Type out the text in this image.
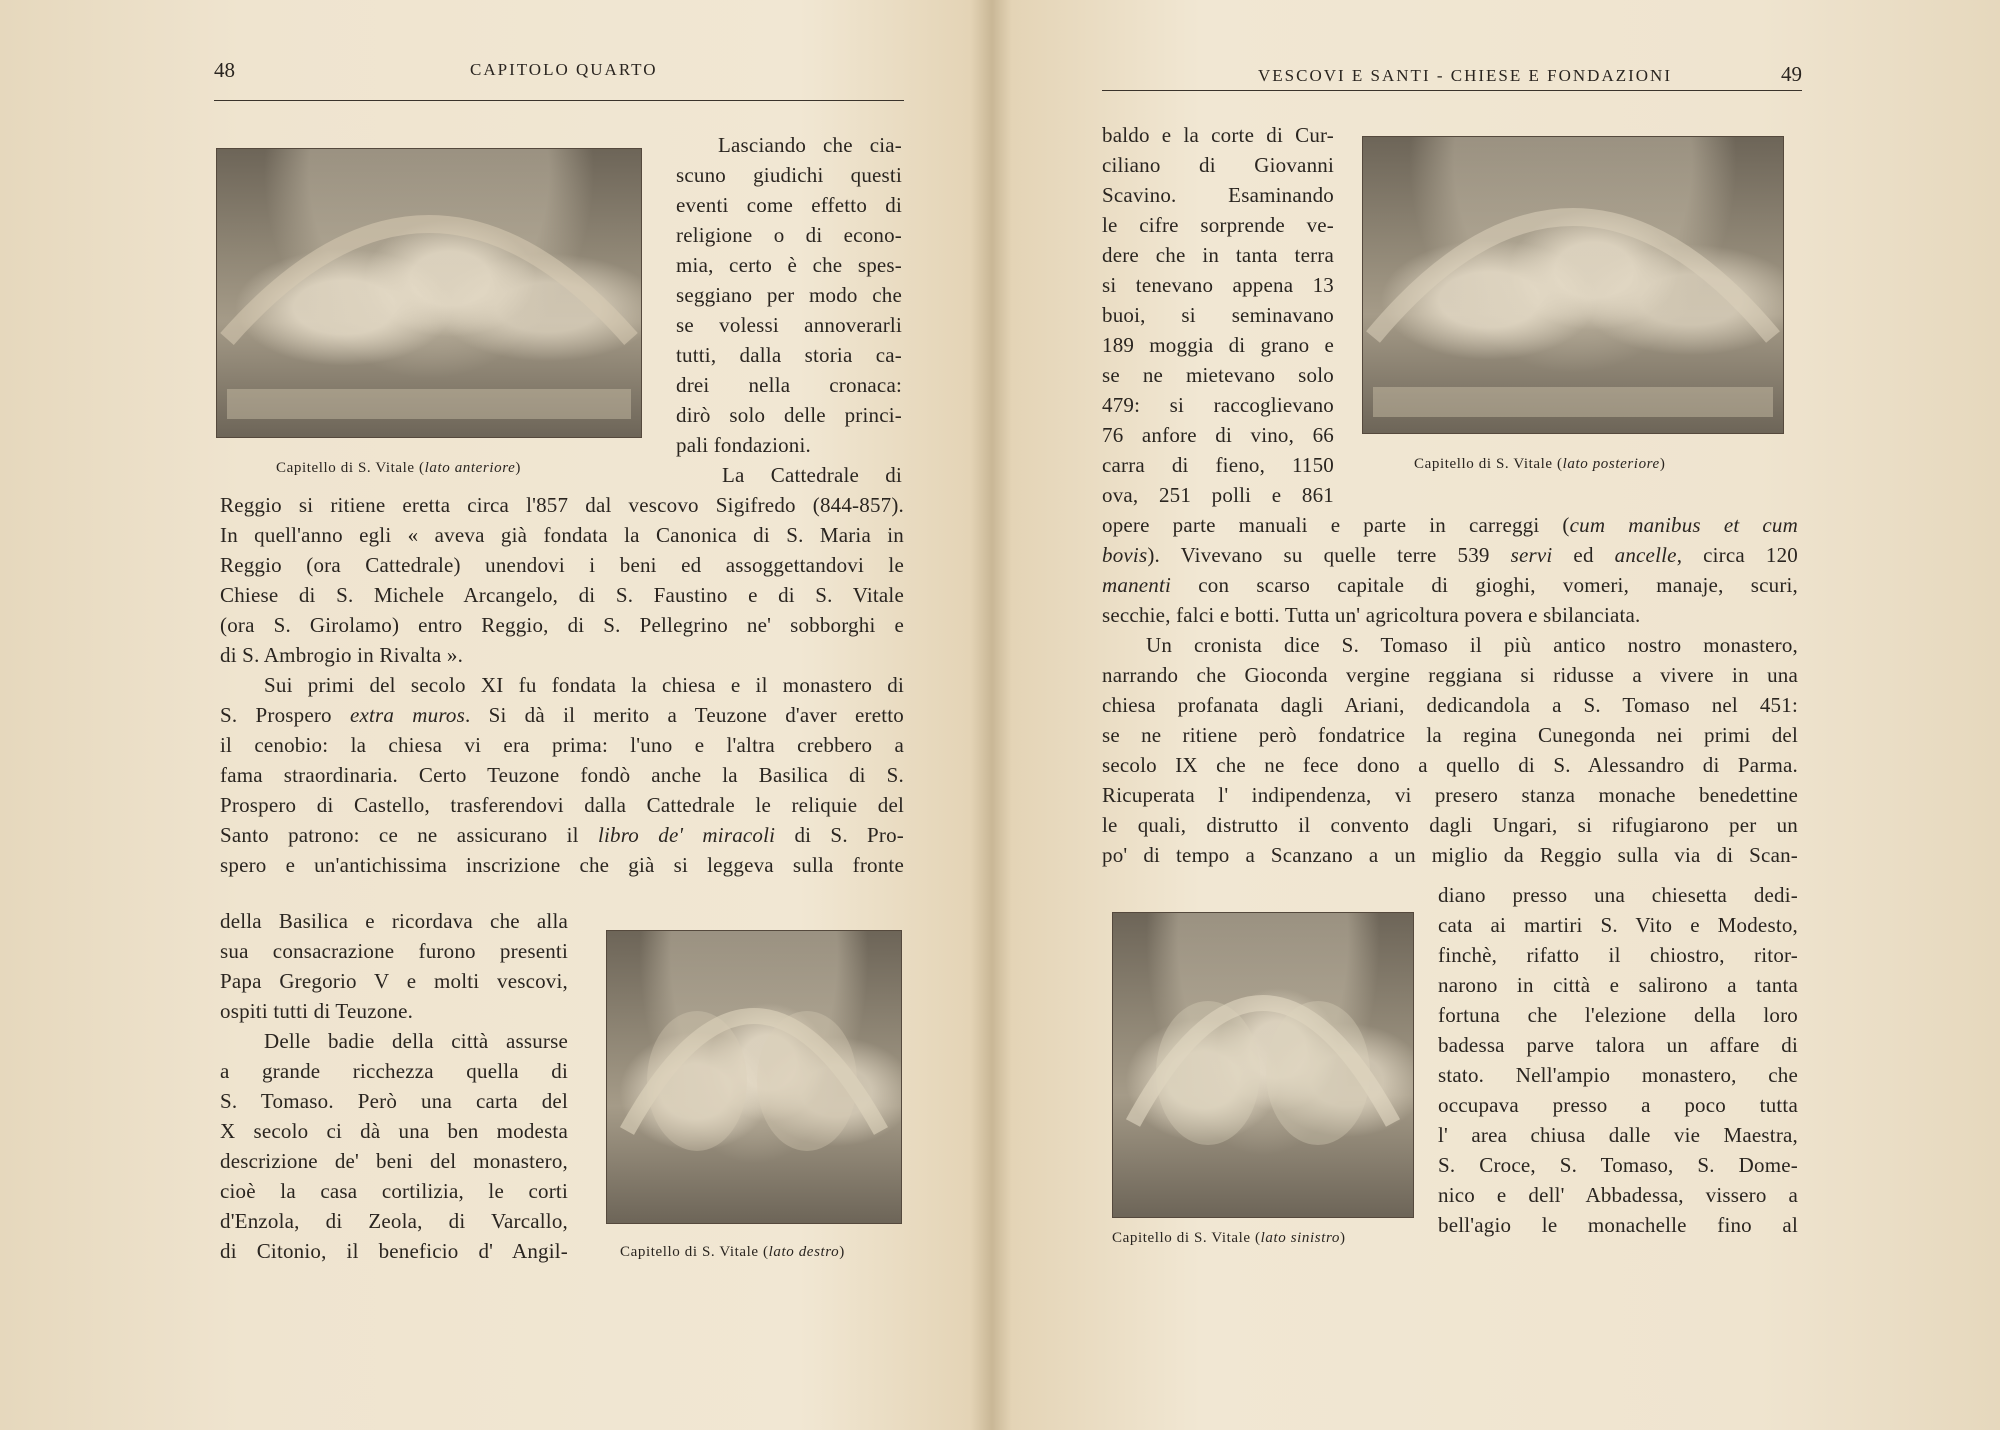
48	CAPITOLO QUARTO
Capitello di S. Vitale (lato anteriore)
Lasciando che cia-
scuno giudichi questi
eventi come effetto di
religione o di econo-
mia, certo è che spes-
seggiano per modo che
se volessi annoverarli
tutti, dalla storia ca-
drei nella cronaca:
dirò solo delle princi-
pali fondazioni.
La Cattedrale di
Reggio si ritiene eretta circa l'857 dal vescovo Sigifredo (844-857).
In quell'anno egli « aveva già fondata la Canonica di S. Maria in
Reggio (ora Cattedrale) unendovi i beni ed assoggettandovi le
Chiese di S. Michele Arcangelo, di S. Faustino e di S. Vitale
(ora S. Girolamo) entro Reggio, di S. Pellegrino ne' sobborghi e
di S. Ambrogio in Rivalta ».
Sui primi del secolo XI fu fondata la chiesa e il monastero di
S. Prospero extra muros. Si dà il merito a Teuzone d'aver eretto
il cenobio: la chiesa vi era prima: l'uno e l'altra crebbero a
fama straordinaria. Certo Teuzone fondò anche la Basilica di S.
Prospero di Castello, trasferendovi dalla Cattedrale le reliquie del
Santo patrono: ce ne assicurano il libro de' miracoli di S. Pro-
spero e un'antichissima inscrizione che già si leggeva sulla fronte
della Basilica e ricordava che alla
sua consacrazione furono presenti
Papa Gregorio V e molti vescovi,
ospiti tutti di Teuzone.
Delle badie della città assurse
a grande ricchezza quella di
S. Tomaso. Però una carta del
X secolo ci dà una ben modesta
descrizione de' beni del monastero,
cioè la casa cortilizia, le corti
d'Enzola, di Zeola, di Varcallo,
di Citonio, il beneficio d' Angil-	Capitello di S. Vitale (lato destro)
VESCOVI E SANTI - CHIESE E FONDAZIONI	49
baldo e la corte di Cur-
ciliano di Giovanni
Scavino. Esaminando
le cifre sorprende ve-
dere che in tanta terra
si tenevano appena 13
buoi, si seminavano
189 moggia di grano e
se ne mietevano solo
479: si raccoglievano
76 anfore di vino, 66
carra di fieno, 1150
ova, 251 polli e 861
Capitello di S. Vitale (lato posteriore)
opere parte manuali e parte in carreggi (cum manibus et cum
bovis). Vivevano su quelle terre 539 servi ed ancelle, circa 120
manenti con scarso capitale di gioghi, vomeri, manaje, scuri,
secchie, falci e botti. Tutta un' agricoltura povera e sbilanciata.
Un cronista dice S. Tomaso il più antico nostro monastero,
narrando che Gioconda vergine reggiana si ridusse a vivere in una
chiesa profanata dagli Ariani, dedicandola a S. Tomaso nel 451:
se ne ritiene però fondatrice la regina Cunegonda nei primi del
secolo IX che ne fece dono a quello di S. Alessandro di Parma.
Ricuperata l' indipendenza, vi presero stanza monache benedettine
le quali, distrutto il convento dagli Ungari, si rifugiarono per un
po' di tempo a Scanzano a un miglio da Reggio sulla via di Scan-
Capitello di S. Vitale (lato sinistro)
diano presso una chiesetta dedi-
cata ai martiri S. Vito e Modesto,
finchè, rifatto il chiostro, ritor-
narono in città e salirono a tanta
fortuna che l'elezione della loro
badessa parve talora un affare di
stato. Nell'ampio monastero, che
occupava presso a poco tutta
l' area chiusa dalle vie Maestra,
S. Croce, S. Tomaso, S. Dome-
nico e dell' Abbadessa, vissero a
bell'agio le monachelle fino al
